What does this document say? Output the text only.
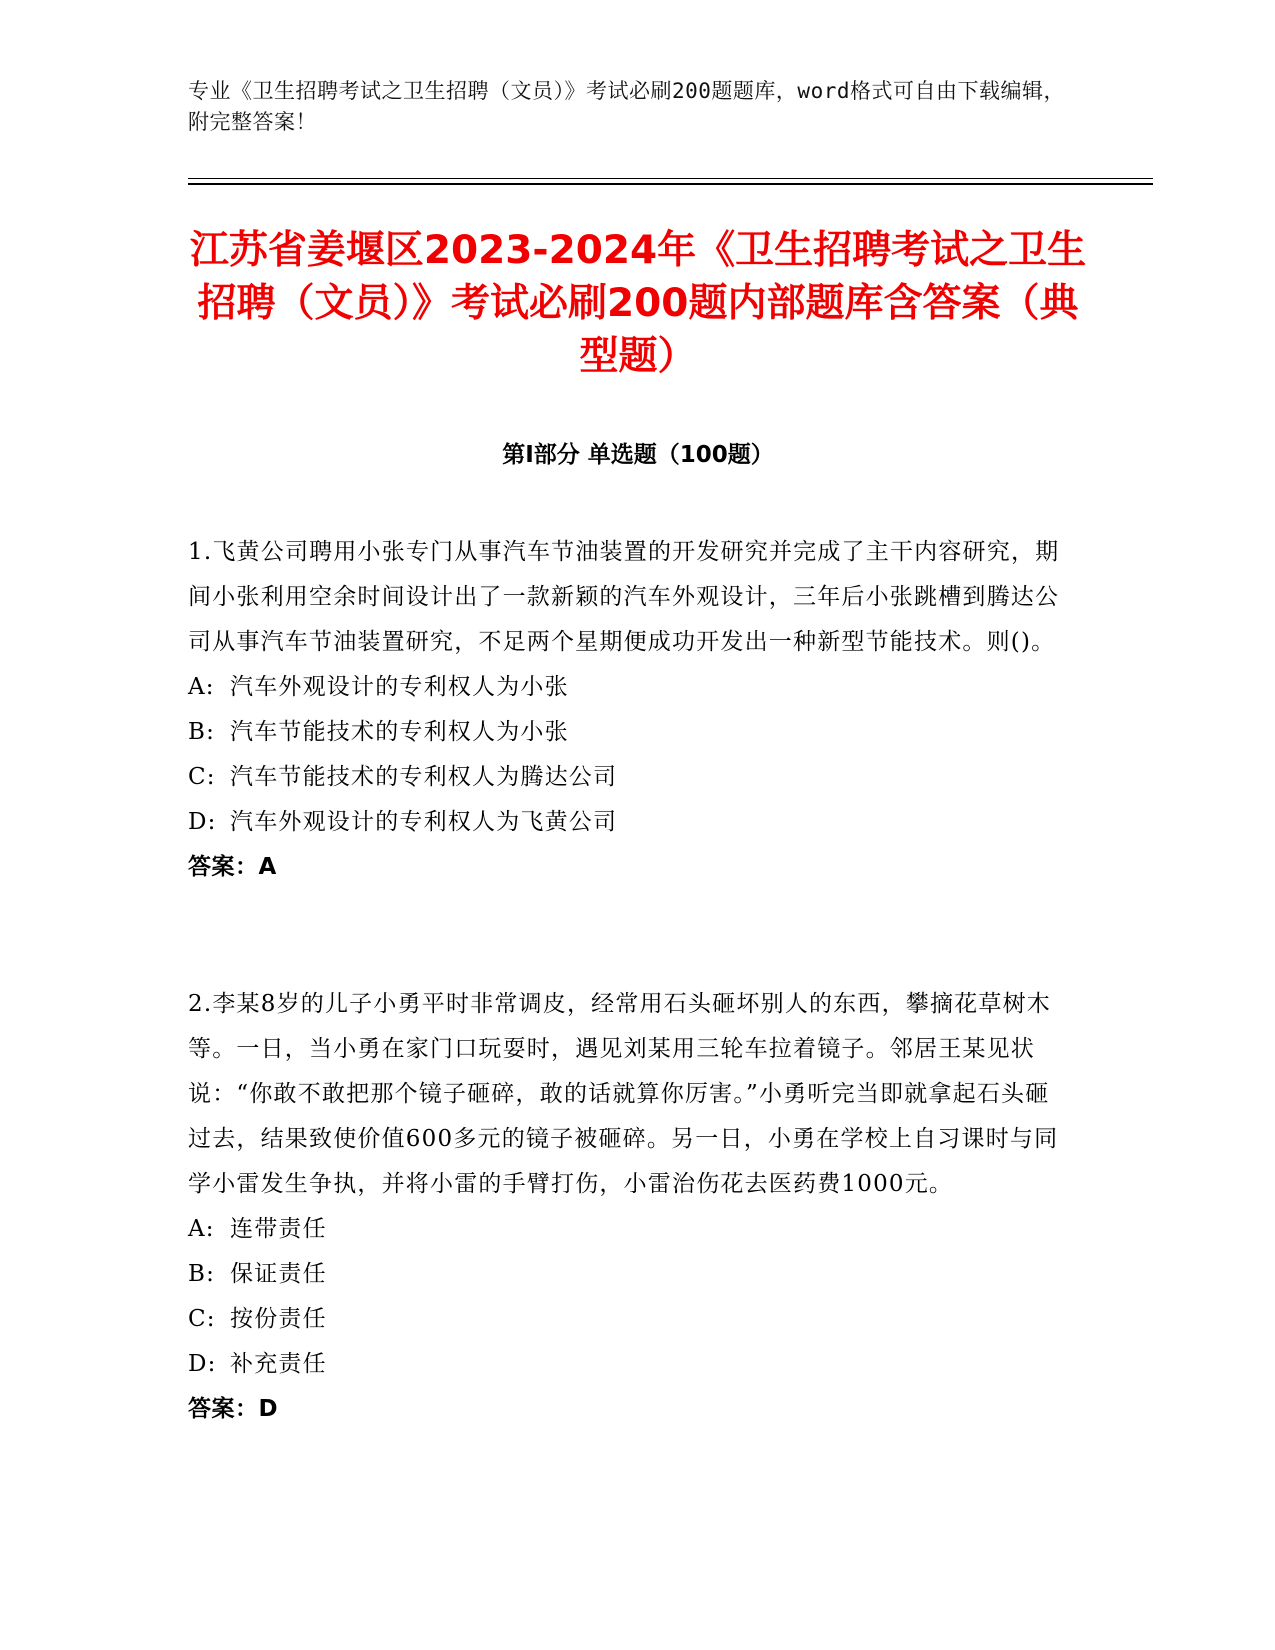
专业《卫生招聘考试之卫生招聘（文员）》考试必刷200题题库，word格式可自由下载编辑，附完整答案！
江苏省姜堰区2023-2024年《卫生招聘考试之卫生招聘（文员）》考试必刷200题内部题库含答案（典型题）
第Ⅰ部分 单选题（100题）

1.飞黄公司聘用小张专门从事汽车节油装置的开发研究并完成了主干内容研究，期间小张利用空余时间设计出了一款新颖的汽车外观设计，三年后小张跳槽到腾达公司从事汽车节油装置研究，不足两个星期便成功开发出一种新型节能技术。则()。

A: 汽车外观设计的专利权人为小张

B: 汽车节能技术的专利权人为小张

C: 汽车节能技术的专利权人为腾达公司

D: 汽车外观设计的专利权人为飞黄公司

答案：A

2.李某8岁的儿子小勇平时非常调皮，经常用石头砸坏别人的东西，攀摘花草树木等。一日，当小勇在家门口玩耍时，遇见刘某用三轮车拉着镜子。邻居王某见状说：“你敢不敢把那个镜子砸碎，敢的话就算你厉害。”小勇听完当即就拿起石头砸过去，结果致使价值600多元的镜子被砸碎。另一日，小勇在学校上自习课时与同学小雷发生争执，并将小雷的手臂打伤，小雷治伤花去医药费1000元。

A: 连带责任

B: 保证责任

C: 按份责任

D: 补充责任

答案：D
